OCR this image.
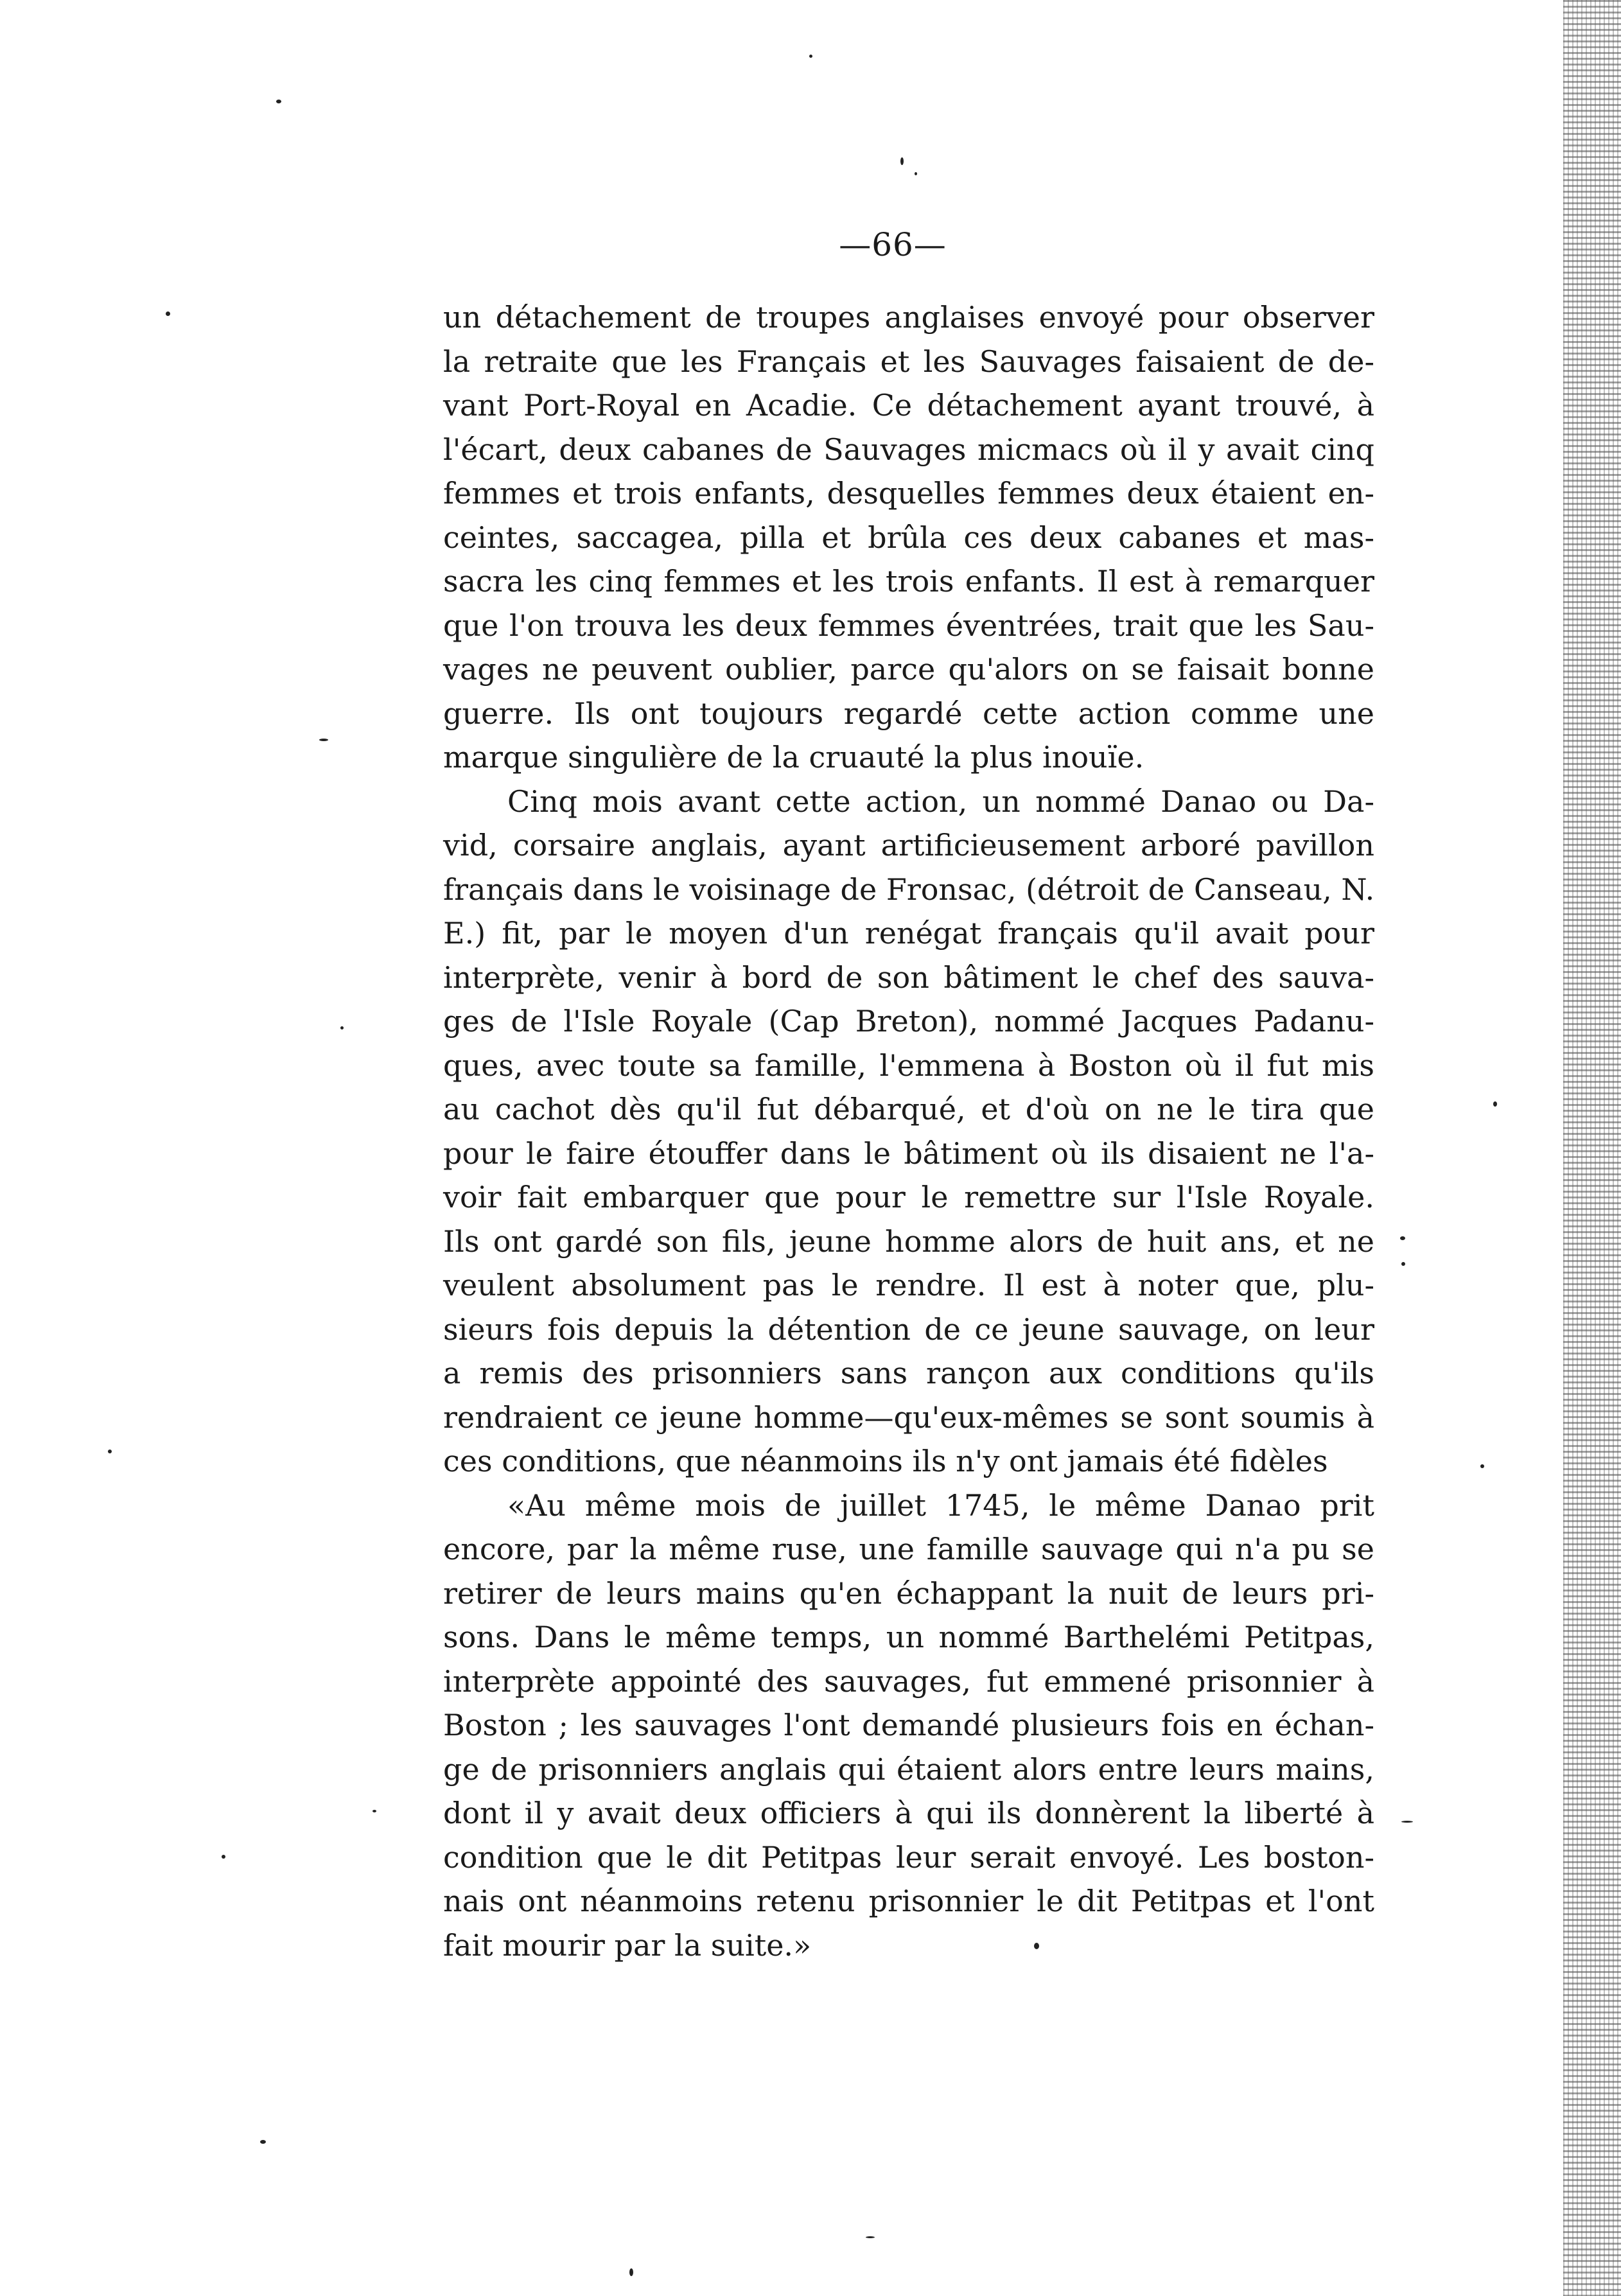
—66—
un détachement de troupes anglaises envoyé pour observer
la retraite que les Français et les Sauvages faisaient de de-
vant Port-Royal en Acadie. Ce détachement ayant trouvé, à
l'écart, deux cabanes de Sauvages micmacs où il y avait cinq
femmes et trois enfants, desquelles femmes deux étaient en-
ceintes, saccagea, pilla et brûla ces deux cabanes et mas-
sacra les cinq femmes et les trois enfants. Il est à remarquer
que l'on trouva les deux femmes éventrées, trait que les Sau-
vages ne peuvent oublier, parce qu'alors on se faisait bonne
guerre. Ils ont toujours regardé cette action comme une
marque singulière de la cruauté la plus inouïe.
Cinq mois avant cette action, un nommé Danao ou Da-
vid, corsaire anglais, ayant artificieusement arboré pavillon
français dans le voisinage de Fronsac, (détroit de Canseau, N.
E.) fit, par le moyen d'un renégat français qu'il avait pour
interprète, venir à bord de son bâtiment le chef des sauva-
ges de l'Isle Royale (Cap Breton), nommé Jacques Padanu-
ques, avec toute sa famille, l'emmena à Boston où il fut mis
au cachot dès qu'il fut débarqué, et d'où on ne le tira que
pour le faire étouffer dans le bâtiment où ils disaient ne l'a-
voir fait embarquer que pour le remettre sur l'Isle Royale.
Ils ont gardé son fils, jeune homme alors de huit ans, et ne
veulent absolument pas le rendre. Il est à noter que, plu-
sieurs fois depuis la détention de ce jeune sauvage, on leur
a remis des prisonniers sans rançon aux conditions qu'ils
rendraient ce jeune homme—qu'eux-mêmes se sont soumis à
ces conditions, que néanmoins ils n'y ont jamais été fidèles
«Au même mois de juillet 1745, le même Danao prit
encore, par la même ruse, une famille sauvage qui n'a pu se
retirer de leurs mains qu'en échappant la nuit de leurs pri-
sons. Dans le même temps, un nommé Barthelémi Petitpas,
interprète appointé des sauvages, fut emmené prisonnier à
Boston ; les sauvages l'ont demandé plusieurs fois en échan-
ge de prisonniers anglais qui étaient alors entre leurs mains,
dont il y avait deux officiers à qui ils donnèrent la liberté à
condition que le dit Petitpas leur serait envoyé. Les boston-
nais ont néanmoins retenu prisonnier le dit Petitpas et l'ont
fait mourir par la suite.»
